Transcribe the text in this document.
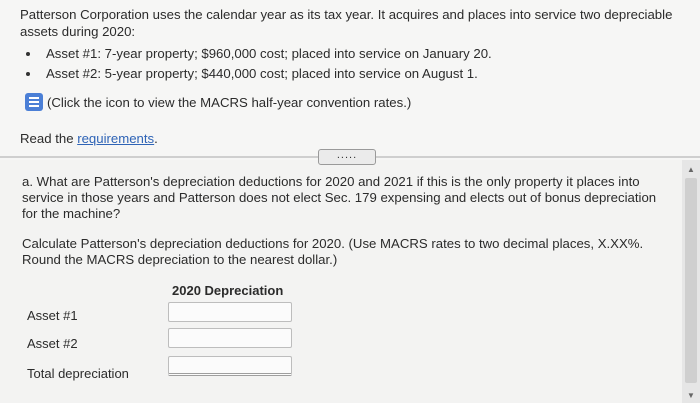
Patterson Corporation uses the calendar year as its tax year. It acquires and places into service two depreciable assets during 2020:
Asset #1: 7-year property; $960,000 cost; placed into service on January 20.
Asset #2: 5-year property; $440,000 cost; placed into service on August 1.
(Click the icon to view the MACRS half-year convention rates.)
Read the requirements.
.....
a. What are Patterson's depreciation deductions for 2020 and 2021 if this is the only property it places into service in those years and Patterson does not elect Sec. 179 expensing and elects out of bonus depreciation for the machine?
Calculate Patterson's depreciation deductions for 2020. (Use MACRS rates to two decimal places, X.XX%. Round the MACRS depreciation to the nearest dollar.)
2020 Depreciation
Asset #1
Asset #2
Total depreciation
▲
▼
